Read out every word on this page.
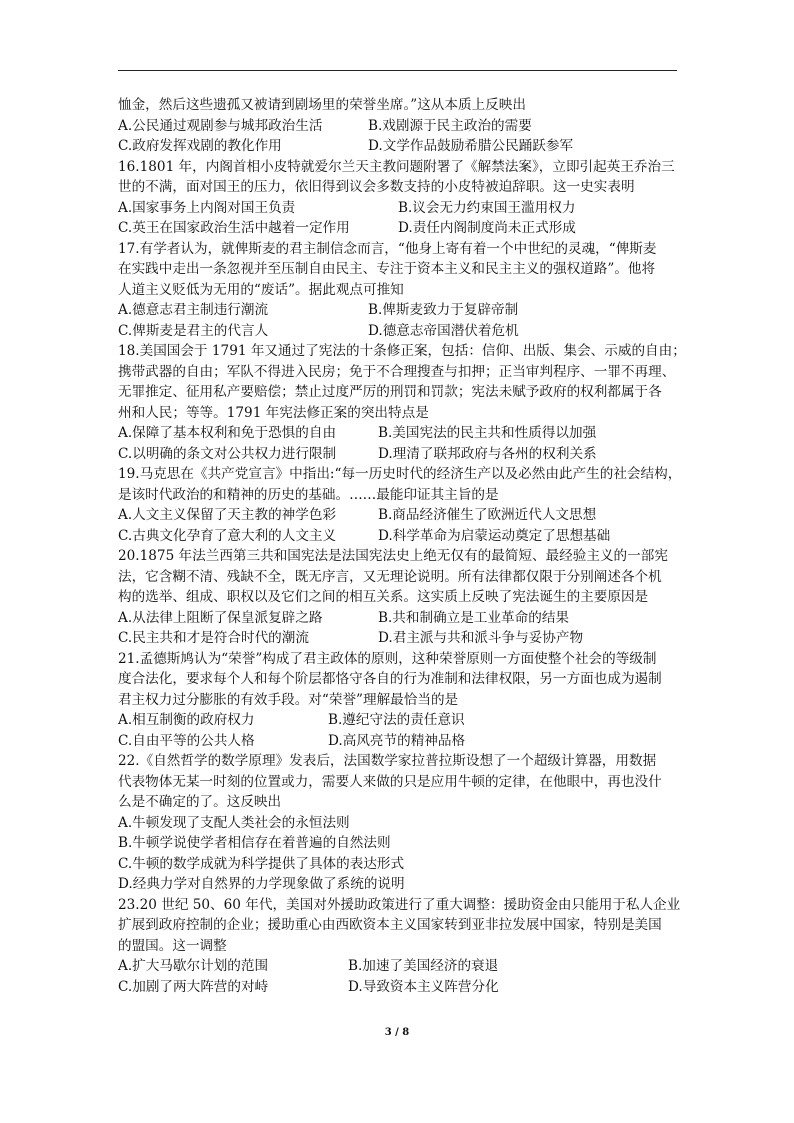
恤金，然后这些遗孤又被请到剧场里的荣誉坐席。”这从本质上反映出

A.公民通过观剧参与城邦政治生活	B.戏剧源于民主政治的需要
C.政府发挥戏剧的教化作用	D.文学作品鼓励希腊公民踊跃参军

16.1801 年，内阁首相小皮特就爱尔兰天主教问题附署了《解禁法案》，立即引起英王乔治三

世的不满，面对国王的压力，依旧得到议会多数支持的小皮特被迫辞职。这一史实表明

A.国家事务上内阁对国王负责	B.议会无力约束国王滥用权力
C.英王在国家政治生活中越着一定作用	D.责任内阁制度尚未正式形成

17.有学者认为，就俾斯麦的君主制信念而言，“他身上寄有着一个中世纪的灵魂，“俾斯麦

在实践中走出一条忽视并至压制自由民主、专注于资本主义和民主主义的强权道路”。他将

人道主义贬低为无用的“废话”。据此观点可推知

A.德意志君主制违行潮流	B.俾斯麦致力于复辟帝制
C.俾斯麦是君主的代言人	D.德意志帝国潜伏着危机

18.美国国会于 1791 年又通过了宪法的十条修正案，包括：信仰、出版、集会、示威的自由；

携带武器的自由；军队不得进入民房；免于不合理搜查与扣押；正当审判程序、一罪不再理、

无罪推定、征用私产要赔偿；禁止过度严厉的刑罚和罚款；宪法未赋予政府的权利都属于各

州和人民；等等。1791 年宪法修正案的突出特点是

A.保障了基本权利和免于恐惧的自由	B.美国宪法的民主共和性质得以加强
C.以明确的条文对公共权力进行限制	D.理清了联邦政府与各州的权利关系

19.马克思在《共产党宣言》中指出:“每一历史时代的经济生产以及必然由此产生的社会结构，

是该时代政治的和精神的历史的基础。……最能印证其主旨的是

A.人文主义保留了天主教的神学色彩	B.商品经济催生了欧洲近代人文思想
C.古典文化孕育了意大利的人文主义	D.科学革命为启蒙运动奠定了思想基础

20.1875 年法兰西第三共和国宪法是法国宪法史上绝无仅有的最简短、最经验主义的一部宪

法，它含糊不清、残缺不全，既无序言，又无理论说明。所有法律都仅限于分别阐述各个机

构的选举、组成、职权以及它们之间的相互关系。这实质上反映了宪法诞生的主要原因是

A.从法律上阻断了保皇派复辟之路	B.共和制确立是工业革命的结果
C.民主共和才是符合时代的潮流	D.君主派与共和派斗争与妥协产物

21.孟德斯鸠认为“荣誉”构成了君主政体的原则，这种荣誉原则一方面使整个社会的等级制

度合法化，要求每个人和每个阶层都恪守各自的行为准制和法律权限，另一方面也成为遏制

君主权力过分膨胀的有效手段。对“荣誉”理解最恰当的是

A.相互制衡的政府权力	B.遵纪守法的责任意识
C.自由平等的公共人格	D.高风亮节的精神品格

22.《自然哲学的数学原理》发表后，法国数学家拉普拉斯设想了一个超级计算器，用数据

代表物体无某一时刻的位置或力，需要人来做的只是应用牛顿的定律，在他眼中，再也没什

么是不确定的了。这反映出

A.牛顿发现了支配人类社会的永恒法则

B.牛顿学说使学者相信存在着普遍的自然法则

C.牛顿的数学成就为科学提供了具体的表达形式

D.经典力学对自然界的力学现象做了系统的说明

23.20 世纪 50、60 年代，美国对外援助政策进行了重大调整：援助资金由只能用于私人企业

扩展到政府控制的企业；援助重心由西欧资本主义国家转到亚非拉发展中国家，特别是美国

的盟国。这一调整

A.扩大马歇尔计划的范围	B.加速了美国经济的衰退
C.加剧了两大阵营的对峙	D.导致资本主义阵营分化
3 / 8
